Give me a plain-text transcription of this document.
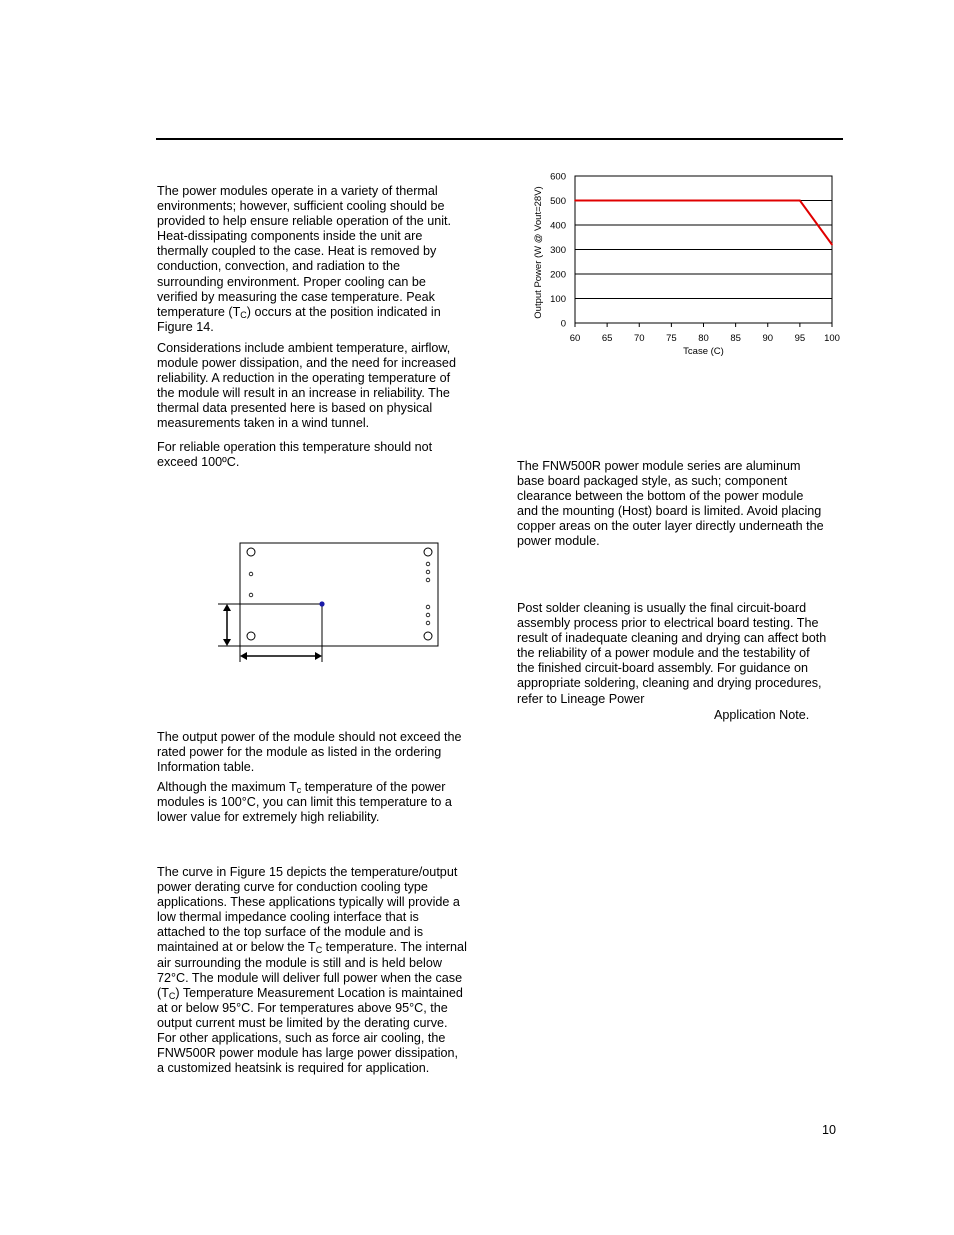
The power modules operate in a variety of thermal

environments; however, sufficient cooling should be

provided to help ensure reliable operation of the unit.

Heat-dissipating components inside the unit are

thermally coupled to the case. Heat is removed by

conduction, convection, and radiation to the

surrounding environment. Proper cooling can be

verified by measuring the case temperature. Peak

temperature $(T_C)$ occurs at the position indicated in

Figure 14.

Considerations include ambient temperature, airflow,

module power dissipation, and the need for increased

reliability. A reduction in the operating temperature of

the module will result in an increase in reliability. The

thermal data presented here is based on physical

measurements taken in a wind tunnel.

For reliable operation this temperature should not

exceed 100ºC.

The output power of the module should not exceed the

rated power for the module as listed in the ordering

Information table.

Although the maximum $T_c$ temperature of the power

modules is 100°C, you can limit this temperature to a

lower value for extremely high reliability.

The curve in Figure 15 depicts the temperature/output

power derating curve for conduction cooling type

applications. These applications typically will provide a

low thermal impedance cooling interface that is

attached to the top surface of the module and is

maintained at or below the $T_C$ temperature. The internal

air surrounding the module is still and is held below

72°C. The module will deliver full power when the case

$(T_C)$ Temperature Measurement Location is maintained

at or below 95°C. For temperatures above 95°C, the

output current must be limited by the derating curve.

For other applications, such as force air cooling, the

FNW500R power module has large power dissipation,

a customized heatsink is required for application.

The FNW500R power module series are aluminum

base board packaged style, as such; component

clearance between the bottom of the power module

and the mounting (Host) board is limited. Avoid placing

copper areas on the outer layer directly underneath the

power module.

Post solder cleaning is usually the final circuit-board

assembly process prior to electrical board testing. The

result of inadequate cleaning and drying can affect both

the reliability of a power module and the testability of

the finished circuit-board assembly. For guidance on

appropriate soldering, cleaning and drying procedures,

refer to Lineage Power

Application Note.
10
60 65 70 75 80 85 90 95 100
0
100
200
300
400
500
600
Tcase (C)
Output Power (W @ Vout=28V)
